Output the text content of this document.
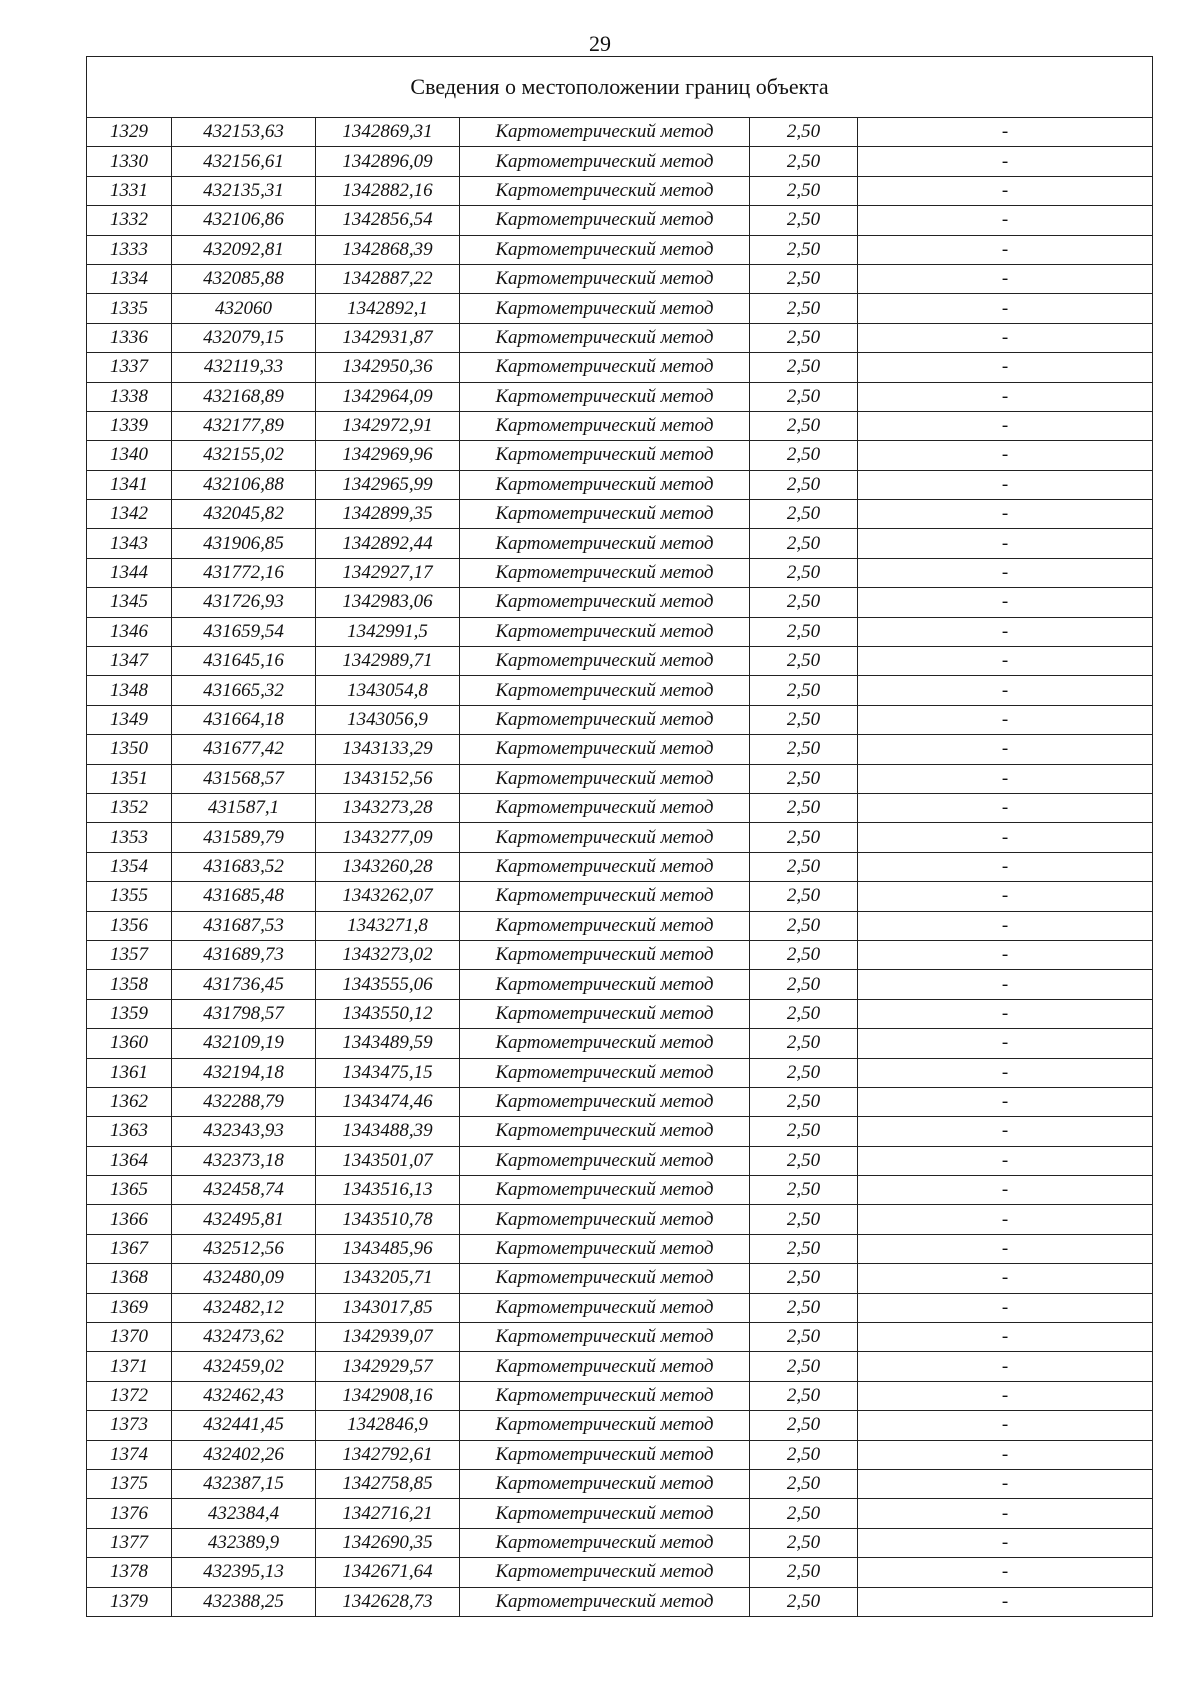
29
Сведения о местоположении границ объекта					
1329	432153,63	1342869,31	Картометрический метод	2,50	-
1330	432156,61	1342896,09	Картометрический метод	2,50	-
1331	432135,31	1342882,16	Картометрический метод	2,50	-
1332	432106,86	1342856,54	Картометрический метод	2,50	-
1333	432092,81	1342868,39	Картометрический метод	2,50	-
1334	432085,88	1342887,22	Картометрический метод	2,50	-
1335	432060	1342892,1	Картометрический метод	2,50	-
1336	432079,15	1342931,87	Картометрический метод	2,50	-
1337	432119,33	1342950,36	Картометрический метод	2,50	-
1338	432168,89	1342964,09	Картометрический метод	2,50	-
1339	432177,89	1342972,91	Картометрический метод	2,50	-
1340	432155,02	1342969,96	Картометрический метод	2,50	-
1341	432106,88	1342965,99	Картометрический метод	2,50	-
1342	432045,82	1342899,35	Картометрический метод	2,50	-
1343	431906,85	1342892,44	Картометрический метод	2,50	-
1344	431772,16	1342927,17	Картометрический метод	2,50	-
1345	431726,93	1342983,06	Картометрический метод	2,50	-
1346	431659,54	1342991,5	Картометрический метод	2,50	-
1347	431645,16	1342989,71	Картометрический метод	2,50	-
1348	431665,32	1343054,8	Картометрический метод	2,50	-
1349	431664,18	1343056,9	Картометрический метод	2,50	-
1350	431677,42	1343133,29	Картометрический метод	2,50	-
1351	431568,57	1343152,56	Картометрический метод	2,50	-
1352	431587,1	1343273,28	Картометрический метод	2,50	-
1353	431589,79	1343277,09	Картометрический метод	2,50	-
1354	431683,52	1343260,28	Картометрический метод	2,50	-
1355	431685,48	1343262,07	Картометрический метод	2,50	-
1356	431687,53	1343271,8	Картометрический метод	2,50	-
1357	431689,73	1343273,02	Картометрический метод	2,50	-
1358	431736,45	1343555,06	Картометрический метод	2,50	-
1359	431798,57	1343550,12	Картометрический метод	2,50	-
1360	432109,19	1343489,59	Картометрический метод	2,50	-
1361	432194,18	1343475,15	Картометрический метод	2,50	-
1362	432288,79	1343474,46	Картометрический метод	2,50	-
1363	432343,93	1343488,39	Картометрический метод	2,50	-
1364	432373,18	1343501,07	Картометрический метод	2,50	-
1365	432458,74	1343516,13	Картометрический метод	2,50	-
1366	432495,81	1343510,78	Картометрический метод	2,50	-
1367	432512,56	1343485,96	Картометрический метод	2,50	-
1368	432480,09	1343205,71	Картометрический метод	2,50	-
1369	432482,12	1343017,85	Картометрический метод	2,50	-
1370	432473,62	1342939,07	Картометрический метод	2,50	-
1371	432459,02	1342929,57	Картометрический метод	2,50	-
1372	432462,43	1342908,16	Картометрический метод	2,50	-
1373	432441,45	1342846,9	Картометрический метод	2,50	-
1374	432402,26	1342792,61	Картометрический метод	2,50	-
1375	432387,15	1342758,85	Картометрический метод	2,50	-
1376	432384,4	1342716,21	Картометрический метод	2,50	-
1377	432389,9	1342690,35	Картометрический метод	2,50	-
1378	432395,13	1342671,64	Картометрический метод	2,50	-
1379	432388,25	1342628,73	Картометрический метод	2,50	-
